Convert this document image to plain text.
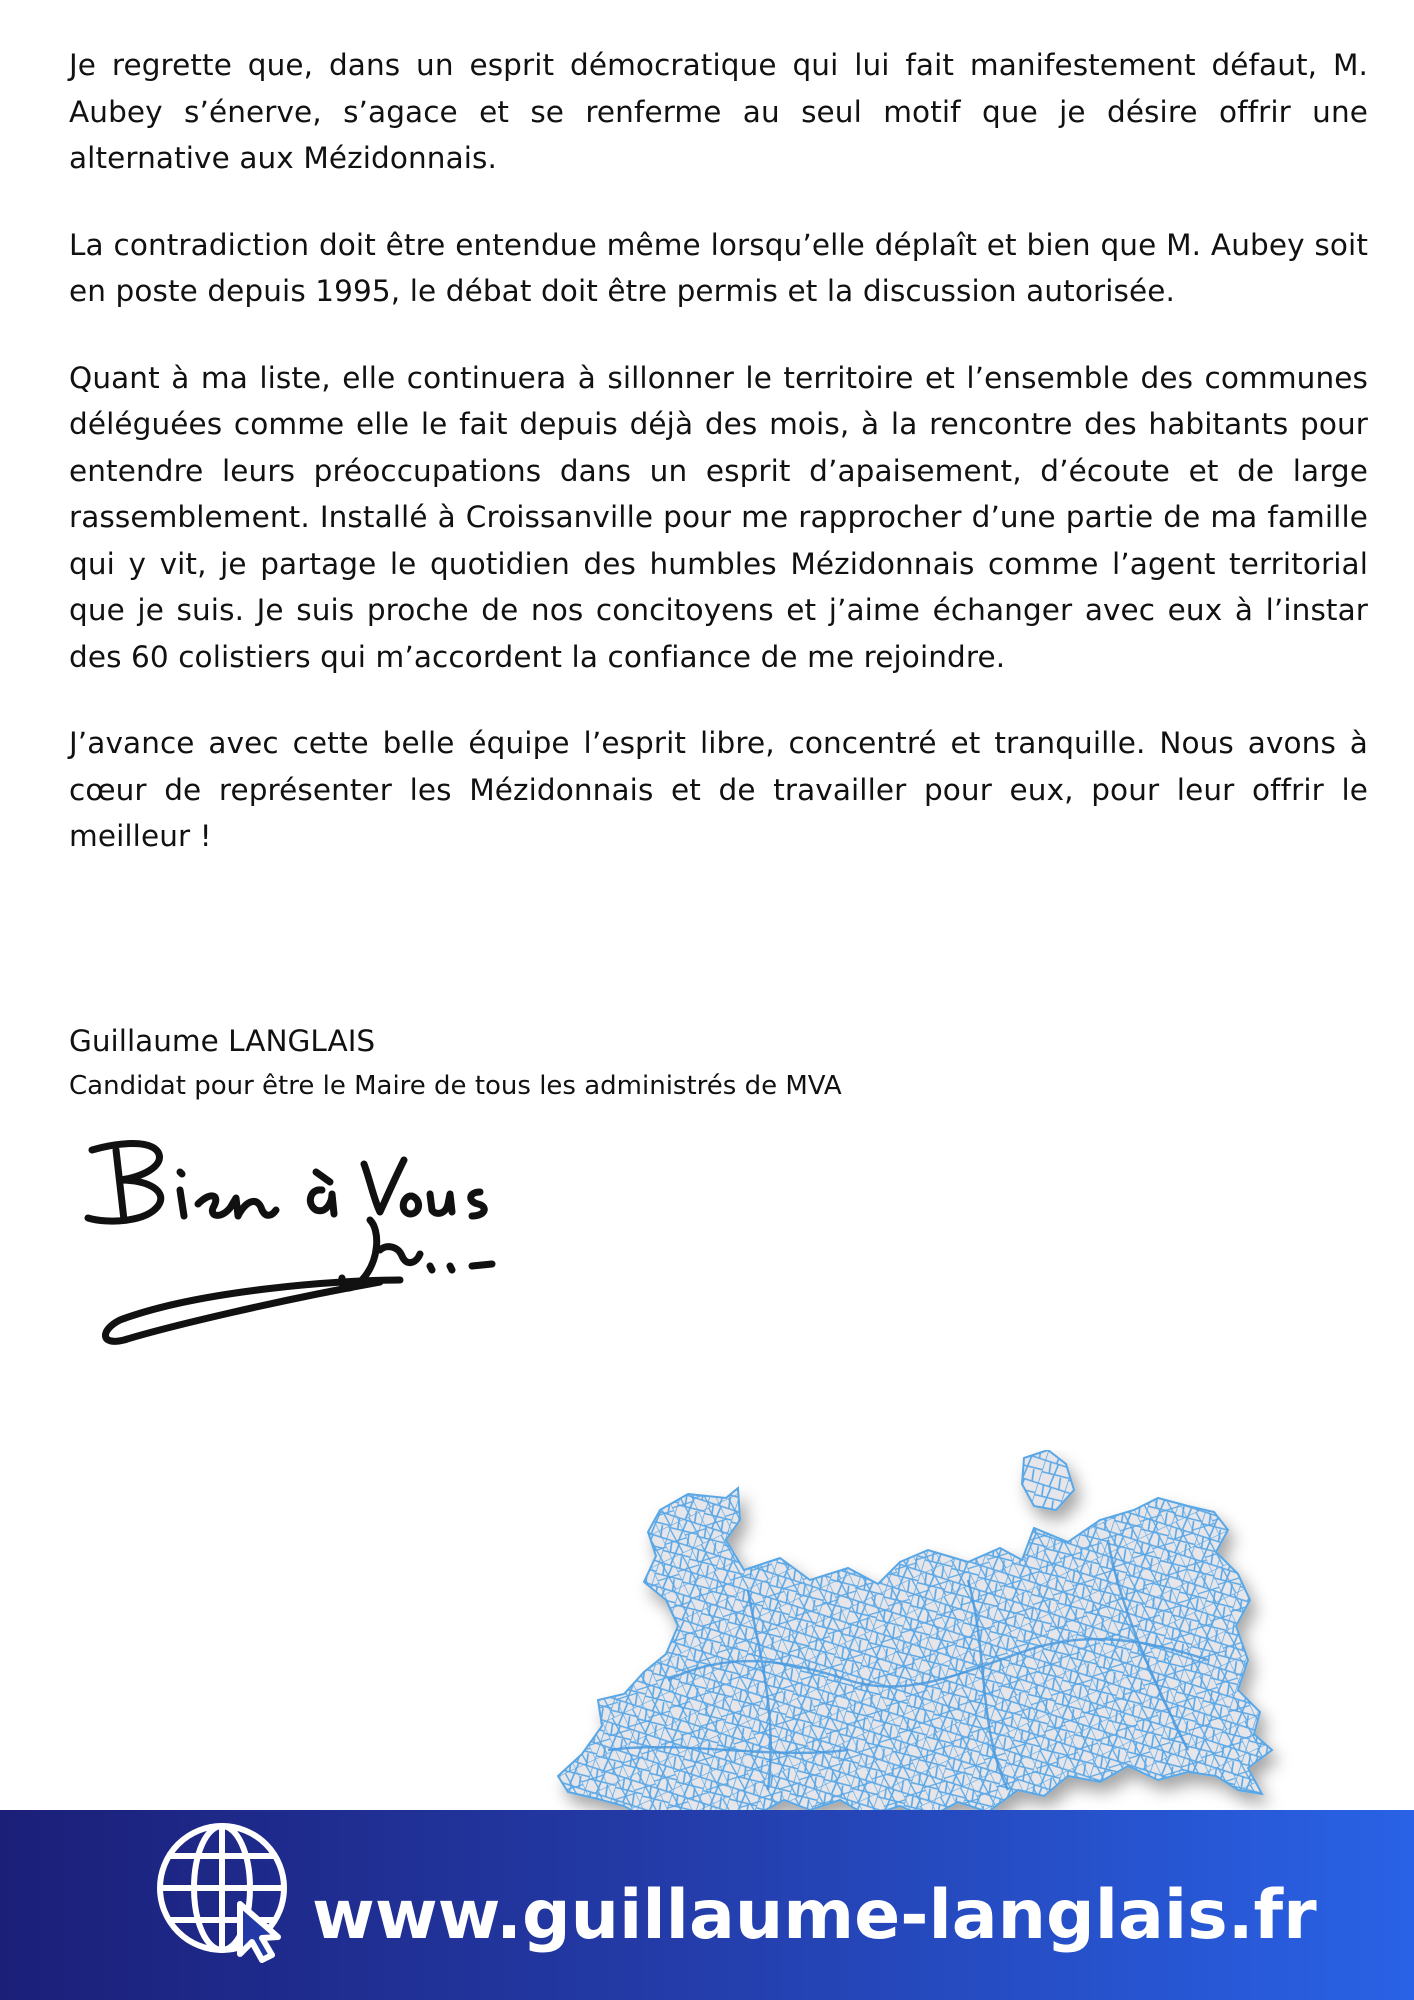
Je regrette que, dans un esprit démocratique qui lui fait manifestement défaut, M. Aubey s’énerve, s’agace et se renferme au seul motif que je désire offrir une alternative aux Mézidonnais.

La contradiction doit être entendue même lorsqu’elle déplaît et bien que M. Aubey soit en poste depuis 1995, le débat doit être permis et la discussion autorisée.

Quant à ma liste, elle continuera à sillonner le territoire et l’ensemble des communes déléguées comme elle le fait depuis déjà des mois, à la rencontre des habitants pour entendre leurs préoccupations dans un esprit d’apaisement, d’écoute et de large rassemblement. Installé à Croissanville pour me rapprocher d’une partie de ma famille qui y vit, je partage le quotidien des humbles Mézidonnais comme l’agent territorial que je suis. Je suis proche de nos concitoyens et j’aime échanger avec eux à l’instar des 60 colistiers qui m’accordent la confiance de me rejoindre.

J’avance avec cette belle équipe l’esprit libre, concentré et tranquille. Nous avons à cœur de représenter les Mézidonnais et de travailler pour eux, pour leur offrir le meilleur !

Guillaume LANGLAIS

Candidat pour être le Maire de tous les administrés de MVA

www.guillaume-langlais.fr
